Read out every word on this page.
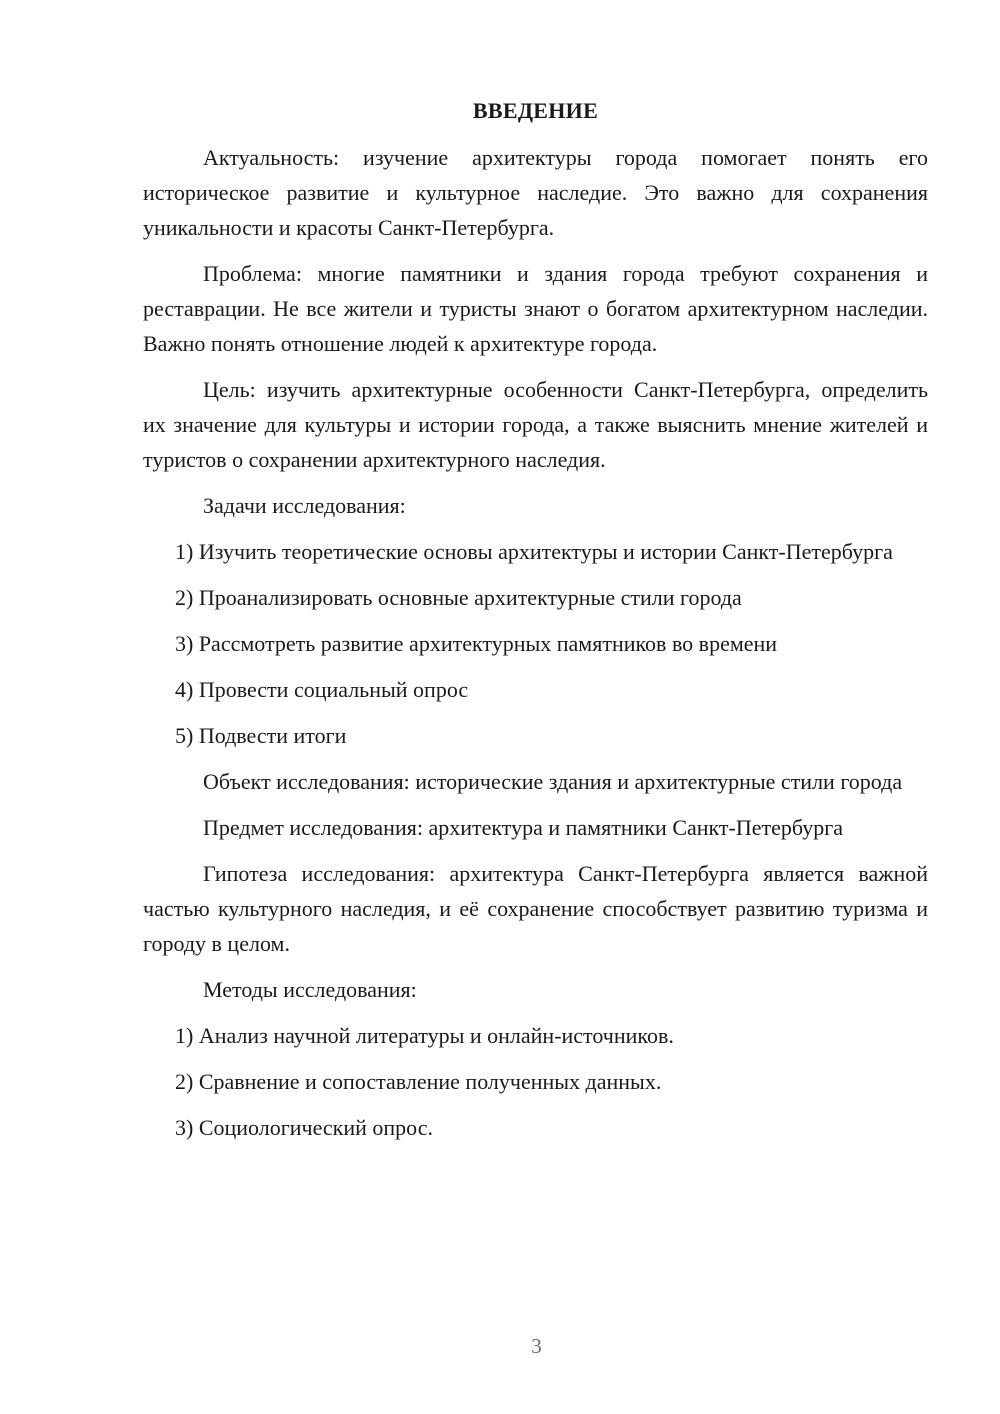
ВВЕДЕНИЕ

Актуальность: изучение архитектуры города помогает понять его историческое развитие и культурное наследие. Это важно для сохранения уникальности и красоты Санкт-Петербурга.

Проблема: многие памятники и здания города требуют сохранения и реставрации. Не все жители и туристы знают о богатом архитектурном наследии. Важно понять отношение людей к архитектуре города.

Цель: изучить архитектурные особенности Санкт-Петербурга, определить их значение для культуры и истории города, а также выяснить мнение жителей и туристов о сохранении архитектурного наследия.

Задачи исследования:

1) Изучить теоретические основы архитектуры и истории Санкт-Петербурга

2) Проанализировать основные архитектурные стили города

3) Рассмотреть развитие архитектурных памятников во времени

4) Провести социальный опрос

5) Подвести итоги

Объект исследования: исторические здания и архитектурные стили города

Предмет исследования: архитектура и памятники Санкт-Петербурга

Гипотеза исследования: архитектура Санкт-Петербурга является важной частью культурного наследия, и её сохранение способствует развитию туризма и городу в целом.

Методы исследования:

1) Анализ научной литературы и онлайн-источников.

2) Сравнение и сопоставление полученных данных.

3) Социологический опрос.

3
